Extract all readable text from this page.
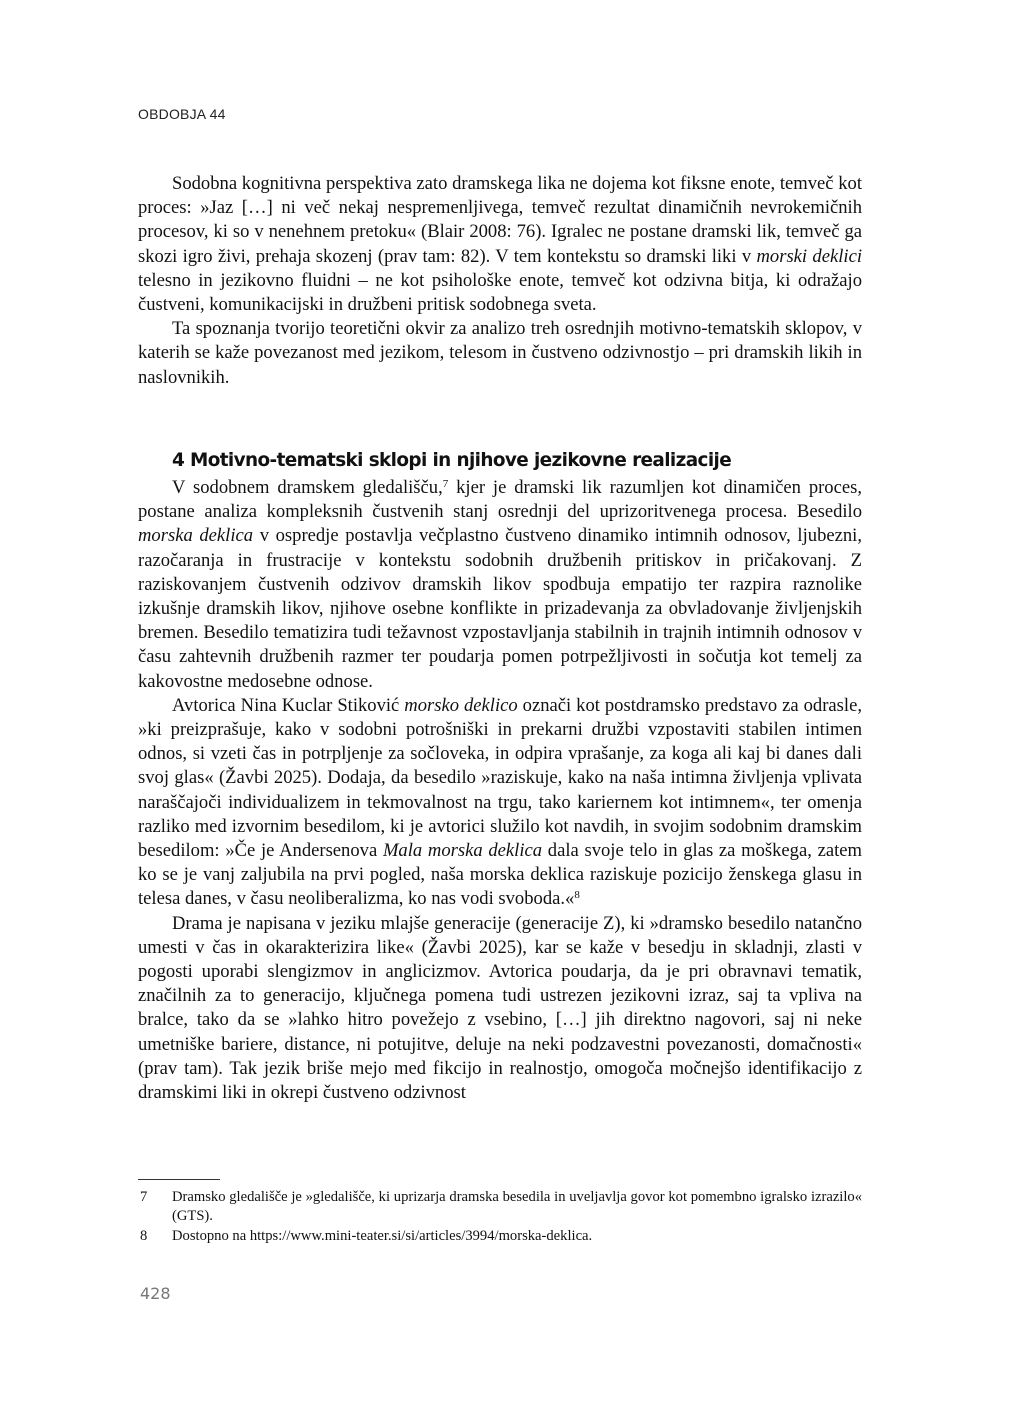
OBDOBJA 44

Sodobna kognitivna perspektiva zato dramskega lika ne dojema kot fiksne enote, temveč kot proces: »Jaz […] ni več nekaj nespremenljivega, temveč rezultat dinamičnih nevrokemičnih procesov, ki so v nenehnem pretoku« (Blair 2008: 76). Igralec ne postane dramski lik, temveč ga skozi igro živi, prehaja skozenj (prav tam: 82). V tem kontekstu so dramski liki v morski deklici telesno in jezikovno fluidni – ne kot psihološke enote, temveč kot odzivna bitja, ki odražajo čustveni, komunikacijski in družbeni pritisk sodobnega sveta.

Ta spoznanja tvorijo teoretični okvir za analizo treh osrednjih motivno-tematskih sklopov, v katerih se kaže povezanost med jezikom, telesom in čustveno odzivnostjo – pri dramskih likih in naslovnikih.

4 Motivno-tematski sklopi in njihove jezikovne realizacije

V sodobnem dramskem gledališču,$^7$ kjer je dramski lik razumljen kot dinamičen proces, postane analiza kompleksnih čustvenih stanj osrednji del uprizoritvenega procesa. Besedilo morska deklica v ospredje postavlja večplastno čustveno dinamiko intimnih odnosov, ljubezni, razočaranja in frustracije v kontekstu sodobnih družbenih pritiskov in pričakovanj. Z raziskovanjem čustvenih odzivov dramskih likov spodbuja empatijo ter razpira raznolike izkušnje dramskih likov, njihove osebne konflikte in prizadevanja za obvladovanje življenjskih bremen. Besedilo tematizira tudi težavnost vzpostavljanja stabilnih in trajnih intimnih odnosov v času zahtevnih družbenih razmer ter poudarja pomen potrpežljivosti in sočutja kot temelj za kakovostne medosebne odnose.

Avtorica Nina Kuclar Stiković morsko deklico označi kot postdramsko predstavo za odrasle, »ki preizprašuje, kako v sodobni potrošniški in prekarni družbi vzpostaviti stabilen intimen odnos, si vzeti čas in potrpljenje za sočloveka, in odpira vprašanje, za koga ali kaj bi danes dali svoj glas« (Žavbi 2025). Dodaja, da besedilo »raziskuje, kako na naša intimna življenja vplivata naraščajoči individualizem in tekmovalnost na trgu, tako kariernem kot intimnem«, ter omenja razliko med izvornim besedilom, ki je avtorici služilo kot navdih, in svojim sodobnim dramskim besedilom: »Če je Andersenova Mala morska deklica dala svoje telo in glas za moškega, zatem ko se je vanj zaljubila na prvi pogled, naša morska deklica raziskuje pozicijo ženskega glasu in telesa danes, v času neoliberalizma, ko nas vodi svoboda.«$^8$

Drama je napisana v jeziku mlajše generacije (generacije Z), ki »dramsko besedilo natančno umesti v čas in okarakterizira like« (Žavbi 2025), kar se kaže v besedju in skladnji, zlasti v pogosti uporabi slengizmov in anglicizmov. Avtorica poudarja, da je pri obravnavi tematik, značilnih za to generacijo, ključnega pomena tudi ustrezen jezikovni izraz, saj ta vpliva na bralce, tako da se »lahko hitro povežejo z vsebino, […] jih direktno nagovori, saj ni neke umetniške bariere, distance, ni potujitve, deluje na neki podzavestni povezanosti, domačnosti« (prav tam). Tak jezik briše mejo med fikcijo in realnostjo, omogoča močnejšo identifikacijo z dramskimi liki in okrepi čustveno odzivnost

7	Dramsko gledališče je »gledališče, ki uprizarja dramska besedila in uveljavlja govor kot pomembno igralsko izrazilo« (GTS).
8	Dostopno na https://www.mini-teater.si/si/articles/3994/morska-deklica.
428
